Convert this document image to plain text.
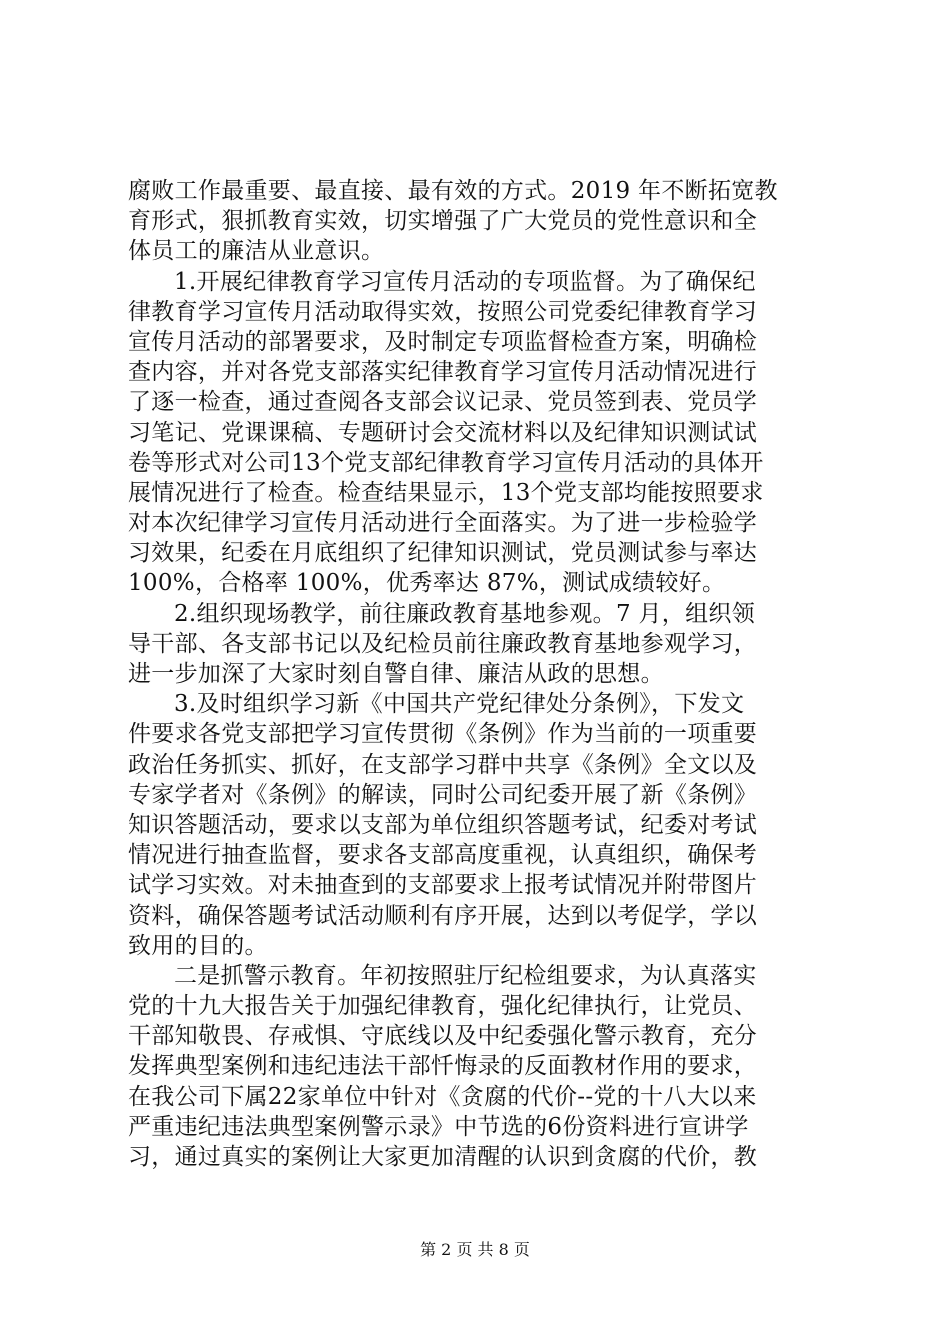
腐败工作最重要、最直接、最有效的方式。2019 年不断拓宽教
育形式，狠抓教育实效，切实增强了广大党员的党性意识和全
体员工的廉洁从业意识。
1.开展纪律教育学习宣传月活动的专项监督。为了确保纪
律教育学习宣传月活动取得实效，按照公司党委纪律教育学习
宣传月活动的部署要求，及时制定专项监督检查方案，明确检
查内容，并对各党支部落实纪律教育学习宣传月活动情况进行
了逐一检查，通过查阅各支部会议记录、党员签到表、党员学
习笔记、党课课稿、专题研讨会交流材料以及纪律知识测试试
卷等形式对公司13个党支部纪律教育学习宣传月活动的具体开
展情况进行了检查。检查结果显示，13个党支部均能按照要求
对本次纪律学习宣传月活动进行全面落实。为了进一步检验学
习效果，纪委在月底组织了纪律知识测试，党员测试参与率达
100%，合格率 100%，优秀率达 87%，测试成绩较好。
2.组织现场教学，前往廉政教育基地参观。7 月，组织领
导干部、各支部书记以及纪检员前往廉政教育基地参观学习，
进一步加深了大家时刻自警自律、廉洁从政的思想。
3.及时组织学习新《中国共产党纪律处分条例》，下发文
件要求各党支部把学习宣传贯彻《条例》作为当前的一项重要
政治任务抓实、抓好，在支部学习群中共享《条例》全文以及
专家学者对《条例》的解读，同时公司纪委开展了新《条例》
知识答题活动，要求以支部为单位组织答题考试，纪委对考试
情况进行抽查监督，要求各支部高度重视，认真组织，确保考
试学习实效。对未抽查到的支部要求上报考试情况并附带图片
资料，确保答题考试活动顺利有序开展，达到以考促学，学以
致用的目的。
二是抓警示教育。年初按照驻厅纪检组要求，为认真落实
党的十九大报告关于加强纪律教育，强化纪律执行，让党员、
干部知敬畏、存戒惧、守底线以及中纪委强化警示教育，充分
发挥典型案例和违纪违法干部忏悔录的反面教材作用的要求，
在我公司下属22家单位中针对《贪腐的代价--党的十八大以来
严重违纪违法典型案例警示录》中节选的6份资料进行宣讲学
习，通过真实的案例让大家更加清醒的认识到贪腐的代价，教
第 2 页 共 8 页
